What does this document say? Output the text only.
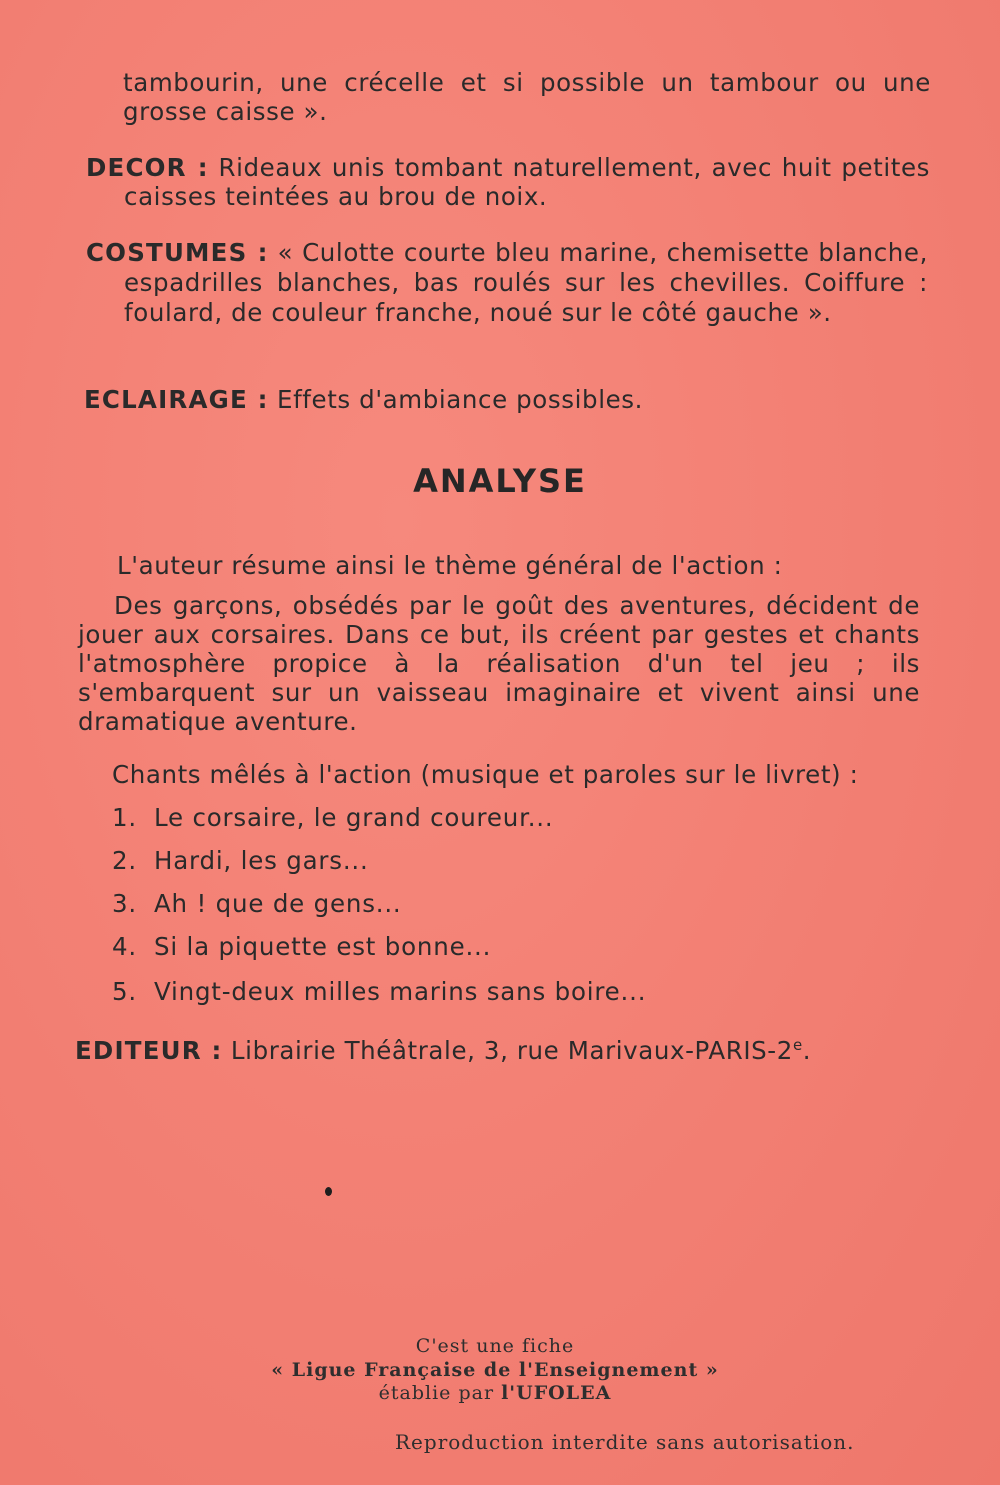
tambourin, une crécelle et si possible un tambour ou une grosse caisse ».
DECOR : Rideaux unis tombant naturellement, avec huit petites caisses teintées au brou de noix.
COSTUMES : « Culotte courte bleu marine, chemisette blanche, espadrilles blanches, bas roulés sur les chevilles. Coiffure : foulard, de couleur franche, noué sur le côté gauche ».
ECLAIRAGE : Effets d'ambiance possibles.
ANALYSE
L'auteur résume ainsi le thème général de l'action :
Des garçons, obsédés par le goût des aventures, décident de jouer aux corsaires. Dans ce but, ils créent par gestes et chants l'atmosphère propice à la réalisation d'un tel jeu ; ils s'embarquent sur un vaisseau imaginaire et vivent ainsi une dramatique aventure.
Chants mêlés à l'action (musique et paroles sur le livret) :
1. Le corsaire, le grand coureur...
2. Hardi, les gars...
3. Ah ! que de gens...
4. Si la piquette est bonne...
5. Vingt-deux milles marins sans boire...
EDITEUR : Librairie Théâtrale, 3, rue Marivaux-PARIS-2e.
C'est une fiche
« Ligue Française de l'Enseignement »
établie par l'UFOLEA
Reproduction interdite sans autorisation.
